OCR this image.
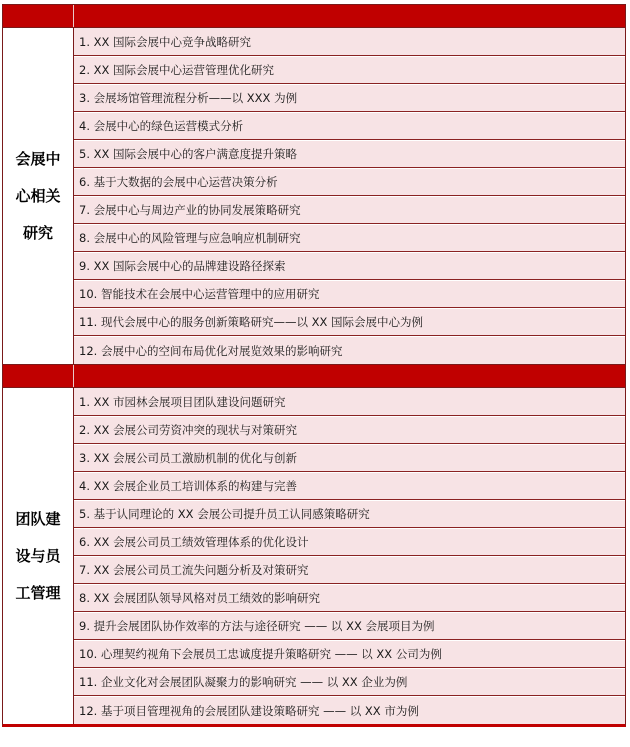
会展中心相关研究
1. XX 国际会展中心竞争战略研究
2. XX 国际会展中心运营管理优化研究
3. 会展场馆管理流程分析——以 XXX 为例
4. 会展中心的绿色运营模式分析
5. XX 国际会展中心的客户满意度提升策略
6. 基于大数据的会展中心运营决策分析
7. 会展中心与周边产业的协同发展策略研究
8. 会展中心的风险管理与应急响应机制研究
9. XX 国际会展中心的品牌建设路径探索
10. 智能技术在会展中心运营管理中的应用研究
11. 现代会展中心的服务创新策略研究——以 XX 国际会展中心为例
12. 会展中心的空间布局优化对展览效果的影响研究
团队建设与员工管理
1. XX 市园林会展项目团队建设问题研究
2. XX 会展公司劳资冲突的现状与对策研究
3. XX 会展公司员工激励机制的优化与创新
4. XX 会展企业员工培训体系的构建与完善
5. 基于认同理论的 XX 会展公司提升员工认同感策略研究
6. XX 会展公司员工绩效管理体系的优化设计
7. XX 会展公司员工流失问题分析及对策研究
8. XX 会展团队领导风格对员工绩效的影响研究
9. 提升会展团队协作效率的方法与途径研究 —— 以 XX 会展项目为例
10. 心理契约视角下会展员工忠诚度提升策略研究 —— 以 XX 公司为例
11. 企业文化对会展团队凝聚力的影响研究 —— 以 XX 企业为例
12. 基于项目管理视角的会展团队建设策略研究 —— 以 XX 市为例
